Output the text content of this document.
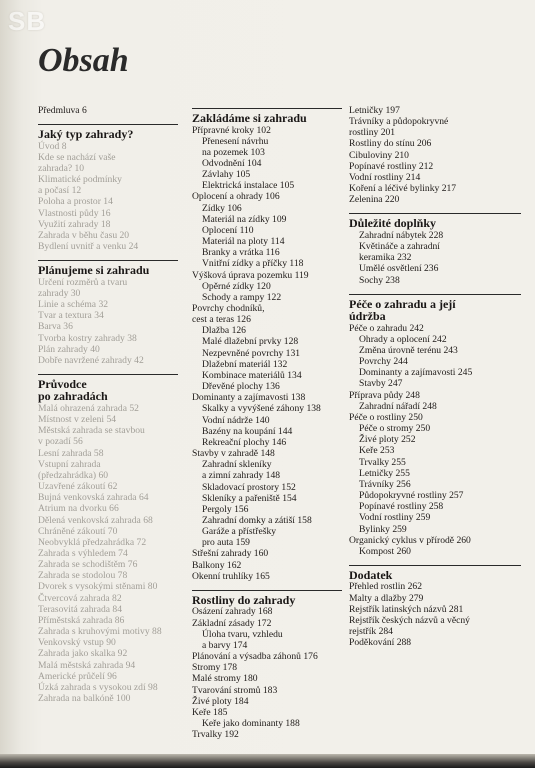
SB
Obsah
Předmluva 6
Jaký typ zahrady?
Úvod 8
Kde se nachází vaše
zahrada? 10
Klimatické podmínky
a počasí 12
Poloha a prostor 14
Vlastnosti půdy 16
Využití zahrady 18
Zahrada v běhu času 20
Bydlení uvnitř a venku 24
Plánujeme si zahradu
Určení rozměrů a tvaru
zahrady 30
Linie a schéma 32
Tvar a textura 34
Barva 36
Tvorba kostry zahrady 38
Plán zahrady 40
Dobře navržené zahrady 42
Průvodce
po zahradách
Malá ohrazená zahrada 52
Místnost v zeleni 54
Městská zahrada se stavbou
v pozadí 56
Lesní zahrada 58
Vstupní zahrada
(předzahrádka) 60
Uzavřené zákoutí 62
Bujná venkovská zahrada 64
Atrium na dvorku 66
Dělená venkovská zahrada 68
Chráněné zákoutí 70
Neobvyklá předzahrádka 72
Zahrada s výhledem 74
Zahrada se schodištěm 76
Zahrada se stodolou 78
Dvorek s vysokými stěnami 80
Čtvercová zahrada 82
Terasovitá zahrada 84
Příměstská zahrada 86
Zahrada s kruhovými motivy 88
Venkovský vstup 90
Zahrada jako skalka 92
Malá městská zahrada 94
Americké průčelí 96
Úzká zahrada s vysokou zdí 98
Zahrada na balkóně 100
Zakládáme si zahradu
Přípravné kroky 102
Přenesení návrhu
na pozemek 103
Odvodnění 104
Závlahy 105
Elektrická instalace 105
Oplocení a ohrady 106
Zídky 106
Materiál na zídky 109
Oplocení 110
Materiál na ploty 114
Branky a vrátka 116
Vnitřní zídky a příčky 118
Výšková úprava pozemku 119
Opěrné zídky 120
Schody a rampy 122
Povrchy chodníků,
cest a teras 126
Dlažba 126
Malé dlažební prvky 128
Nezpevněné povrchy 131
Dlažební materiál 132
Kombinace materiálů 134
Dřevěné plochy 136
Dominanty a zajímavosti 138
Skalky a vyvýšené záhony 138
Vodní nádrže 140
Bazény na koupání 144
Rekreační plochy 146
Stavby v zahradě 148
Zahradní skleníky
a zimní zahrady 148
Skladovací prostory 152
Skleníky a pařeniště 154
Pergoly 156
Zahradní domky a zátiší 158
Garáže a přístřešky
pro auta 159
Střešní zahrady 160
Balkony 162
Okenní truhlíky 165
Rostliny do zahrady
Osázení zahrady 168
Základní zásady 172
Úloha tvaru, vzhledu
a barvy 174
Plánování a výsadba záhonů 176
Stromy 178
Malé stromy 180
Tvarování stromů 183
Živé ploty 184
Keře 185
Keře jako dominanty 188
Trvalky 192
Letničky 197
Trávníky a půdopokryvné
rostliny 201
Rostliny do stínu 206
Cibuloviny 210
Popínavé rostliny 212
Vodní rostliny 214
Koření a léčivé bylinky 217
Zelenina 220
Důležité doplňky
Zahradní nábytek 228
Květináče a zahradní
keramika 232
Umělé osvětlení 236
Sochy 238
Péče o zahradu a její
údržba
Péče o zahradu 242
Ohrady a oplocení 242
Změna úrovně terénu 243
Povrchy 244
Dominanty a zajímavosti 245
Stavby 247
Příprava půdy 248
Zahradní nářadí 248
Péče o rostliny 250
Péče o stromy 250
Živé ploty 252
Keře 253
Trvalky 255
Letničky 255
Trávníky 256
Půdopokryvné rostliny 257
Popínavé rostliny 258
Vodní rostliny 259
Bylinky 259
Organický cyklus v přírodě 260
Kompost 260
Dodatek
Přehled rostlin 262
Malty a dlažby 279
Rejstřík latinských názvů 281
Rejstřík českých názvů a věcný
rejstřík 284
Poděkování 288
